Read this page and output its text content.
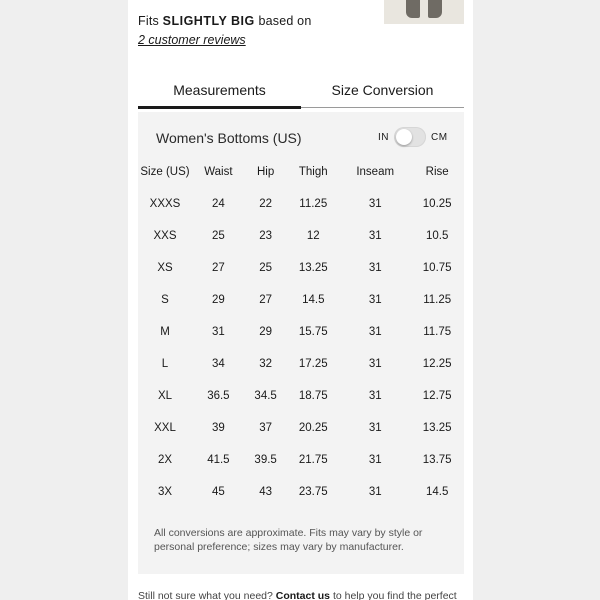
Fits SLIGHTLY BIG based on
2 customer reviews
Measurements	Size Conversion
Women's Bottoms (US)	IN	CM
Size (US)	Waist	Hip	Thigh	Inseam	Rise
XXXS	24	22	11.25	31	10.25
XXS	25	23	12	31	10.5
XS	27	25	13.25	31	10.75
S	29	27	14.5	31	11.25
M	31	29	15.75	31	11.75
L	34	32	17.25	31	12.25
XL	36.5	34.5	18.75	31	12.75
XXL	39	37	20.25	31	13.25
2X	41.5	39.5	21.75	31	13.75
3X	45	43	23.75	31	14.5
All conversions are approximate. Fits may vary by style or personal preference; sizes may vary by manufacturer.
Still not sure what you need? Contact us to help you find the perfect
